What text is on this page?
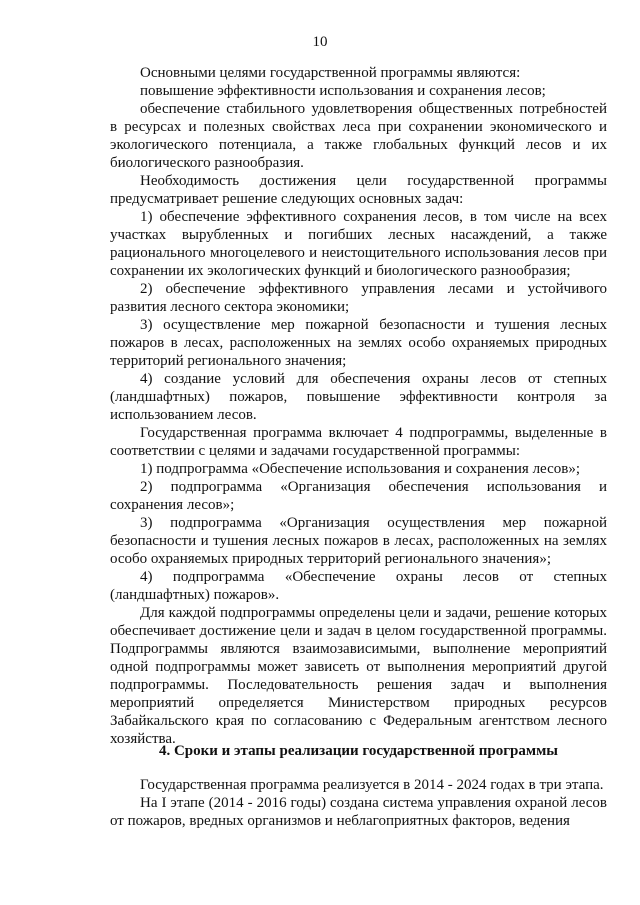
10

Основными целями государственной программы являются:

повышение эффективности использования и сохранения лесов;

обеспечение стабильного удовлетворения общественных потребностей в ресурсах и полезных свойствах леса при сохранении экономического и экологического потенциала, а также глобальных функций лесов и их биологического разнообразия.

Необходимость достижения цели государственной программы предусматривает решение следующих основных задач:

1) обеспечение эффективного сохранения лесов, в том числе на всех участках вырубленных и погибших лесных насаждений, а также рационального многоцелевого и неистощительного использования лесов при сохранении их экологических функций и биологического разнообразия;

2) обеспечение эффективного управления лесами и устойчивого развития лесного сектора экономики;

3) осуществление мер пожарной безопасности и тушения лесных пожаров в лесах, расположенных на землях особо охраняемых природных территорий регионального значения;

4) создание условий для обеспечения охраны лесов от степных (ландшафтных) пожаров, повышение эффективности контроля за использованием лесов.

Государственная программа включает 4 подпрограммы, выделенные в соответствии с целями и задачами государственной программы:

1) подпрограмма «Обеспечение использования и сохранения лесов»;

2) подпрограмма «Организация обеспечения использования и сохранения лесов»;

3) подпрограмма «Организация осуществления мер пожарной безопасности и тушения лесных пожаров в лесах, расположенных на землях особо охраняемых природных территорий регионального значения»;

4) подпрограмма «Обеспечение охраны лесов от степных (ландшафтных) пожаров».

Для каждой подпрограммы определены цели и задачи, решение которых обеспечивает достижение цели и задач в целом государственной программы. Подпрограммы являются взаимозависимыми, выполнение мероприятий одной подпрограммы может зависеть от выполнения мероприятий другой подпрограммы. Последовательность решения задач и выполнения мероприятий определяется Министерством природных ресурсов Забайкальского края по согласованию с Федеральным агентством лесного хозяйства.

4. Сроки и этапы реализации государственной программы

Государственная программа реализуется в 2014 - 2024 годах в три этапа.

На I этапе (2014 - 2016 годы) создана система управления охраной лесов от пожаров, вредных организмов и неблагоприятных факторов, ведения
